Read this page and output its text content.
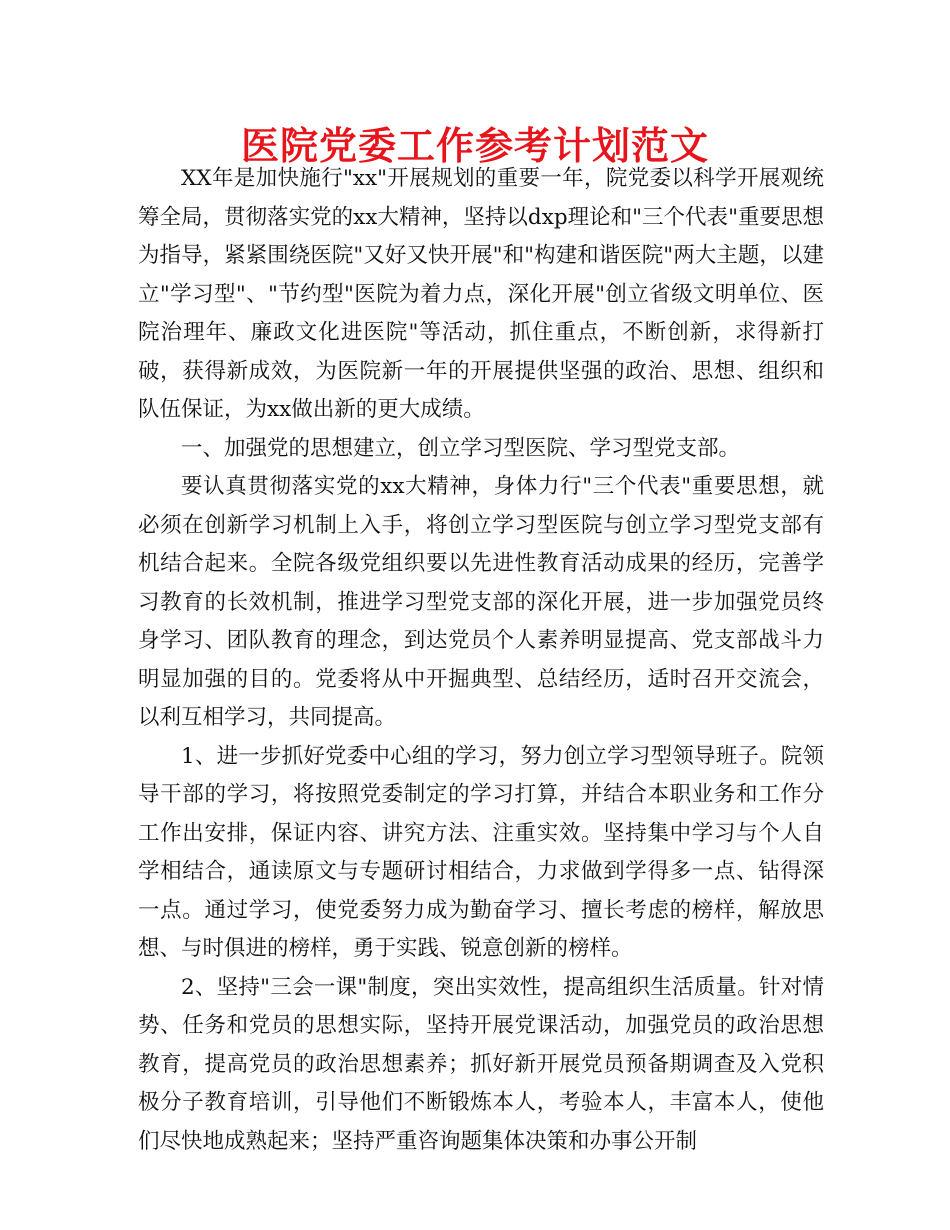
医院党委工作参考计划范文

XX年是加快施行"xx"开展规划的重要一年，院党委以科学开展观统筹全局，贯彻落实党的xx大精神，坚持以dxp理论和"三个代表"重要思想为指导，紧紧围绕医院"又好又快开展"和"构建和谐医院"两大主题，以建立"学习型"、"节约型"医院为着力点，深化开展"创立省级文明单位、医院治理年、廉政文化进医院"等活动，抓住重点，不断创新，求得新打破，获得新成效，为医院新一年的开展提供坚强的政治、思想、组织和队伍保证，为xx做出新的更大成绩。

一、加强党的思想建立，创立学习型医院、学习型党支部。

要认真贯彻落实党的xx大精神，身体力行"三个代表"重要思想，就必须在创新学习机制上入手，将创立学习型医院与创立学习型党支部有机结合起来。全院各级党组织要以先进性教育活动成果的经历，完善学习教育的长效机制，推进学习型党支部的深化开展，进一步加强党员终身学习、团队教育的理念，到达党员个人素养明显提高、党支部战斗力明显加强的目的。党委将从中开掘典型、总结经历，适时召开交流会，以利互相学习，共同提高。

1、进一步抓好党委中心组的学习，努力创立学习型领导班子。院领导干部的学习，将按照党委制定的学习打算，并结合本职业务和工作分工作出安排，保证内容、讲究方法、注重实效。坚持集中学习与个人自学相结合，通读原文与专题研讨相结合，力求做到学得多一点、钻得深一点。通过学习，使党委努力成为勤奋学习、擅长考虑的榜样，解放思想、与时俱进的榜样，勇于实践、锐意创新的榜样。

2、坚持"三会一课"制度，突出实效性，提高组织生活质量。针对情势、任务和党员的思想实际，坚持开展党课活动，加强党员的政治思想教育，提高党员的政治思想素养；抓好新开展党员预备期调查及入党积极分子教育培训，引导他们不断锻炼本人，考验本人，丰富本人，使他们尽快地成熟起来；坚持严重咨询题集体决策和办事公开制
